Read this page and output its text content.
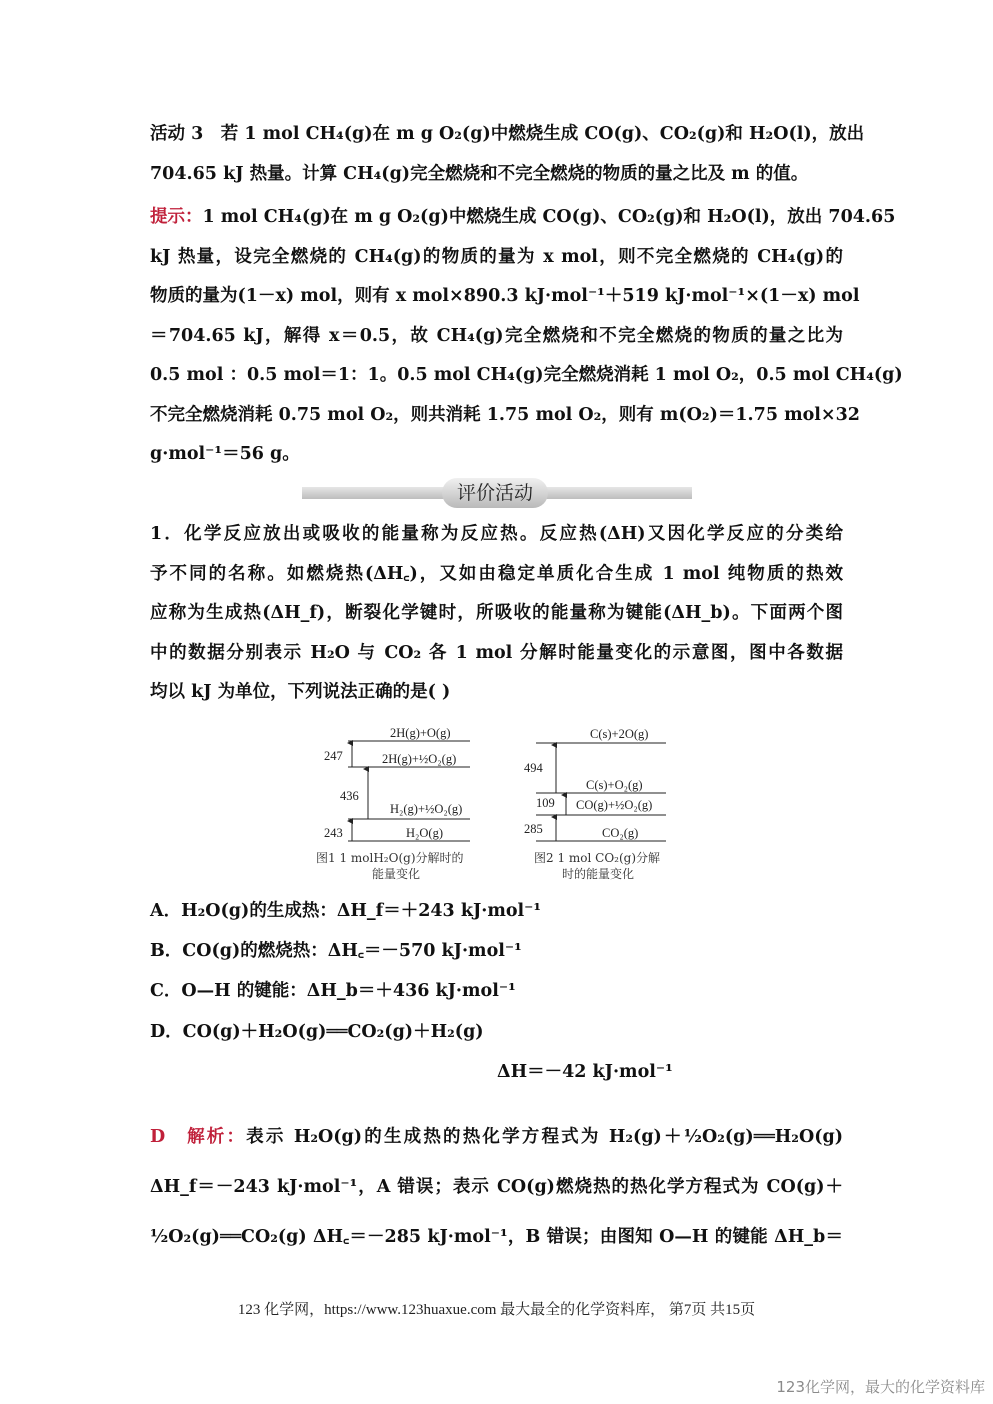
活动 3　 若 1 mol CH₄(g)在 m g O₂(g)中燃烧生成 CO(g)、CO₂(g)和 H₂O(l)，放出
704.65 kJ 热量。计算 CH₄(g)完全燃烧和不完全燃烧的物质的量之比及 m 的值。
提示：1 mol CH₄(g)在 m g O₂(g)中燃烧生成 CO(g)、CO₂(g)和 H₂O(l)，放出 704.65
kJ 热量，设完全燃烧的 CH₄(g)的物质的量为 x mol，则不完全燃烧的 CH₄(g)的
物质的量为(1－x) mol，则有 x mol×890.3 kJ·mol⁻¹＋519 kJ·mol⁻¹×(1－x) mol
＝704.65 kJ，解得 x＝0.5，故 CH₄(g)完全燃烧和不完全燃烧的物质的量之比为
0.5 mol ：0.5 mol＝1：1。0.5 mol CH₄(g)完全燃烧消耗 1 mol O₂，0.5 mol CH₄(g)
不完全燃烧消耗 0.75 mol O₂，则共消耗 1.75 mol O₂，则有 m(O₂)＝1.75 mol×32
g·mol⁻¹＝56 g。
评价活动
1．化学反应放出或吸收的能量称为反应热。反应热(ΔH)又因化学反应的分类给
予不同的名称。如燃烧热(ΔH꜀)，又如由稳定单质化合生成 1 mol 纯物质的热效
应称为生成热(ΔH_f)，断裂化学键时，所吸收的能量称为键能(ΔH_b)。下面两个图
中的数据分别表示 H₂O 与 CO₂ 各 1 mol 分解时能量变化的示意图，图中各数据
均以 kJ 为单位，下列说法正确的是( )
247
436
243
2H(g)+O(g)
2H(g)+½O₂(g)
H₂(g)+½O₂(g)
H₂O(g)
图1 1 molH₂O(g)分解时的
能量变化
494
109
285
C(s)+2O(g)
C(s)+O₂(g)
CO(g)+½O₂(g)
CO₂(g)
图2 1 mol CO₂(g)分解
时的能量变化
A．H₂O(g)的生成热：ΔH_f＝＋243 kJ·mol⁻¹
B．CO(g)的燃烧热：ΔH꜀＝－570 kJ·mol⁻¹
C．O—H 的键能：ΔH_b＝＋436 kJ·mol⁻¹
D．CO(g)＋H₂O(g)══CO₂(g)＋H₂(g)
ΔH＝－42 kJ·mol⁻¹
D　 解析：表示 H₂O(g)的生成热的热化学方程式为 H₂(g)＋½O₂(g)══H₂O(g)
ΔH_f＝－243 kJ·mol⁻¹，A 错误；表示 CO(g)燃烧热的热化学方程式为 CO(g)＋
½O₂(g)══CO₂(g) ΔH꜀＝－285 kJ·mol⁻¹，B 错误；由图知 O—H 的键能 ΔH_b＝
123 化学网，https://www.123huaxue.com 最大最全的化学资料库， 第7页 共15页
123化学网，最大的化学资料库
